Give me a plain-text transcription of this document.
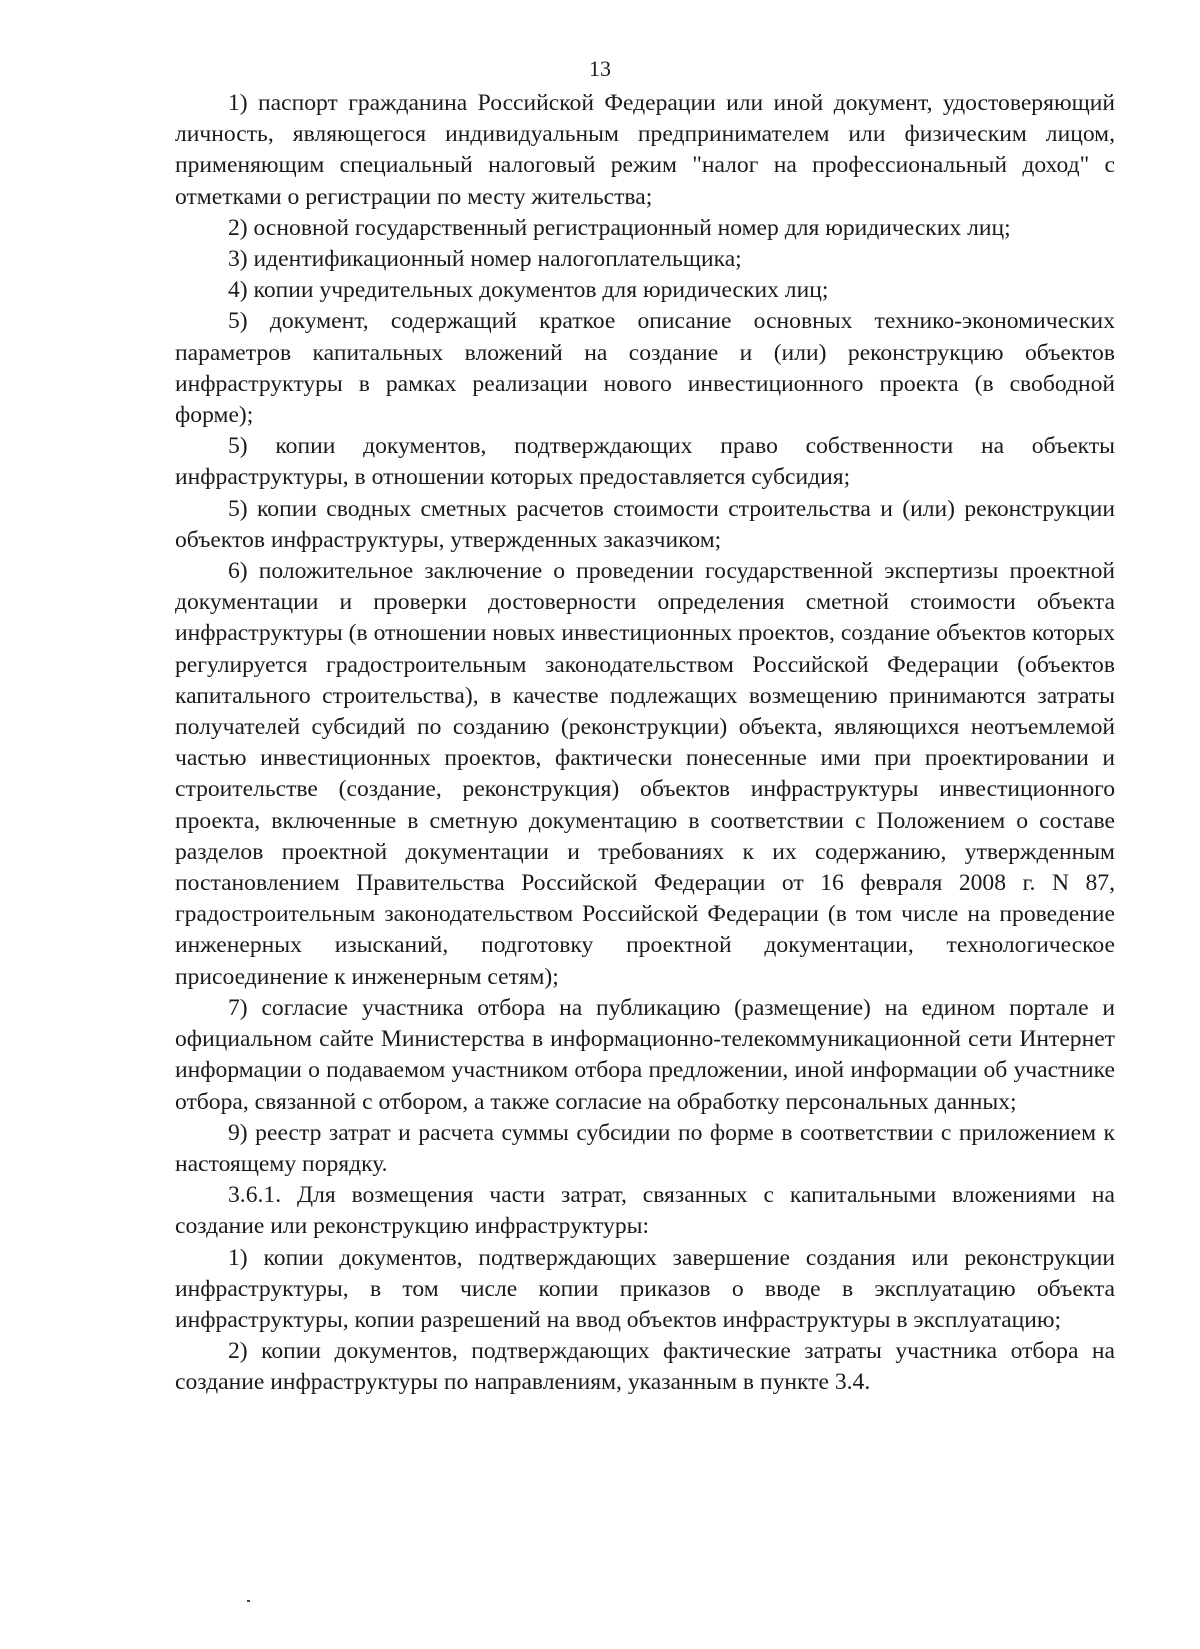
13

1) паспорт гражданина Российской Федерации или иной документ, удостоверяющий личность, являющегося индивидуальным предпринимателем или физическим лицом, применяющим специальный налоговый режим "налог на профессиональный доход" с отметками о регистрации по месту жительства;

2) основной государственный регистрационный номер для юридических лиц;

3) идентификационный номер налогоплательщика;

4) копии учредительных документов для юридических лиц;

5) документ, содержащий краткое описание основных технико-экономических параметров капитальных вложений на создание и (или) реконструкцию объектов инфраструктуры в рамках реализации нового инвестиционного проекта (в свободной форме);

5) копии документов, подтверждающих право собственности на объекты инфраструктуры, в отношении которых предоставляется субсидия;

5) копии сводных сметных расчетов стоимости строительства и (или) реконструкции объектов инфраструктуры, утвержденных заказчиком;

6) положительное заключение о проведении государственной экспертизы проектной документации и проверки достоверности определения сметной стоимости объекта инфраструктуры (в отношении новых инвестиционных проектов, создание объектов которых регулируется градостроительным законодательством Российской Федерации (объектов капитального строительства), в качестве подлежащих возмещению принимаются затраты получателей субсидий по созданию (реконструкции) объекта, являющихся неотъемлемой частью инвестиционных проектов, фактически понесенные ими при проектировании и строительстве (создание, реконструкция) объектов инфраструктуры инвестиционного проекта, включенные в сметную документацию в соответствии с Положением о составе разделов проектной документации и требованиях к их содержанию, утвержденным постановлением Правительства Российской Федерации от 16 февраля 2008 г. N 87, градостроительным законодательством Российской Федерации (в том числе на проведение инженерных изысканий, подготовку проектной документации, технологическое присоединение к инженерным сетям);

7) согласие участника отбора на публикацию (размещение) на едином портале и официальном сайте Министерства в информационно-телекоммуникационной сети Интернет информации о подаваемом участником отбора предложении, иной информации об участнике отбора, связанной с отбором, а также согласие на обработку персональных данных;

9) реестр затрат и расчета суммы субсидии по форме в соответствии с приложением к настоящему порядку.

3.6.1. Для возмещения части затрат, связанных с капитальными вложениями на создание или реконструкцию инфраструктуры:

1) копии документов, подтверждающих завершение создания или реконструкции инфраструктуры, в том числе копии приказов о вводе в эксплуатацию объекта инфраструктуры, копии разрешений на ввод объектов инфраструктуры в эксплуатацию;

2) копии документов, подтверждающих фактические затраты участника отбора на создание инфраструктуры по направлениям, указанным в пункте 3.4.
